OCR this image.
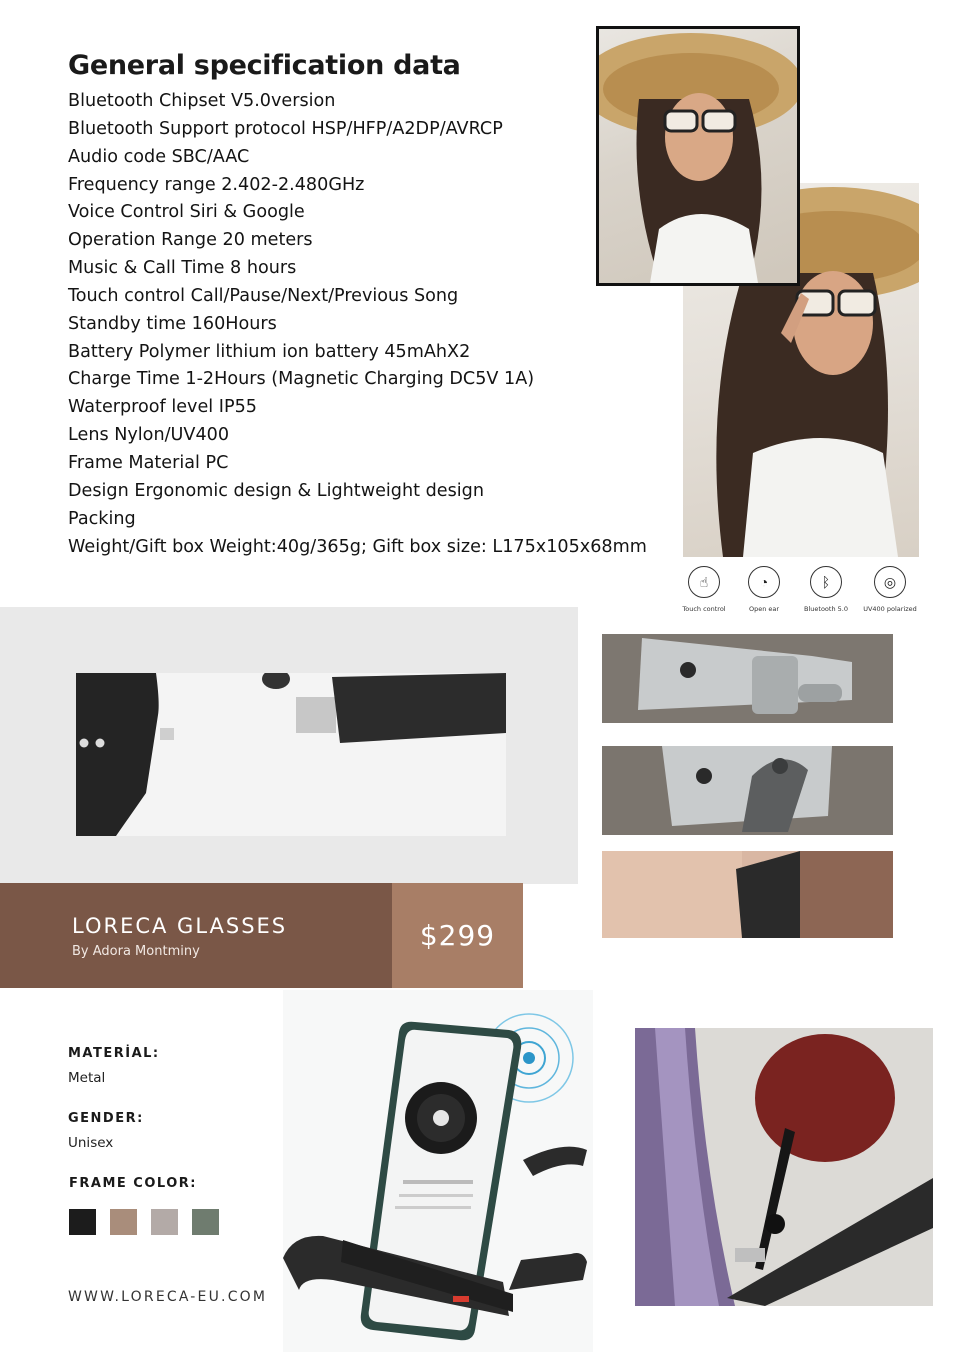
General specification data
Bluetooth Chipset V5.0version
Bluetooth Support protocol HSP/HFP/A2DP/AVRCP
Audio code SBC/AAC
Frequency range 2.402-2.480GHz
Voice Control Siri & Google
Operation Range 20 meters
Music & Call Time 8 hours
Touch control Call/Pause/Next/Previous Song
Standby time 160Hours
Battery Polymer lithium ion battery 45mAhX2
Charge Time 1-2Hours (Magnetic Charging DC5V 1A)
Waterproof level IP55
Lens Nylon/UV400
Frame Material PC
Design Ergonomic design & Lightweight design
Packing
Weight/Gift box Weight:40g/365g; Gift box size: L175x105x68mm
☝
Touch control
◔
Open ear
ᛒ
Bluetooth 5.0
◎
UV400 polarized
LORECA GLASSES
By Adora Montminy	$299
MATERİAL:
Metal
GENDER:
Unisex
FRAME COLOR:
WWW.LORECA-EU.COM
